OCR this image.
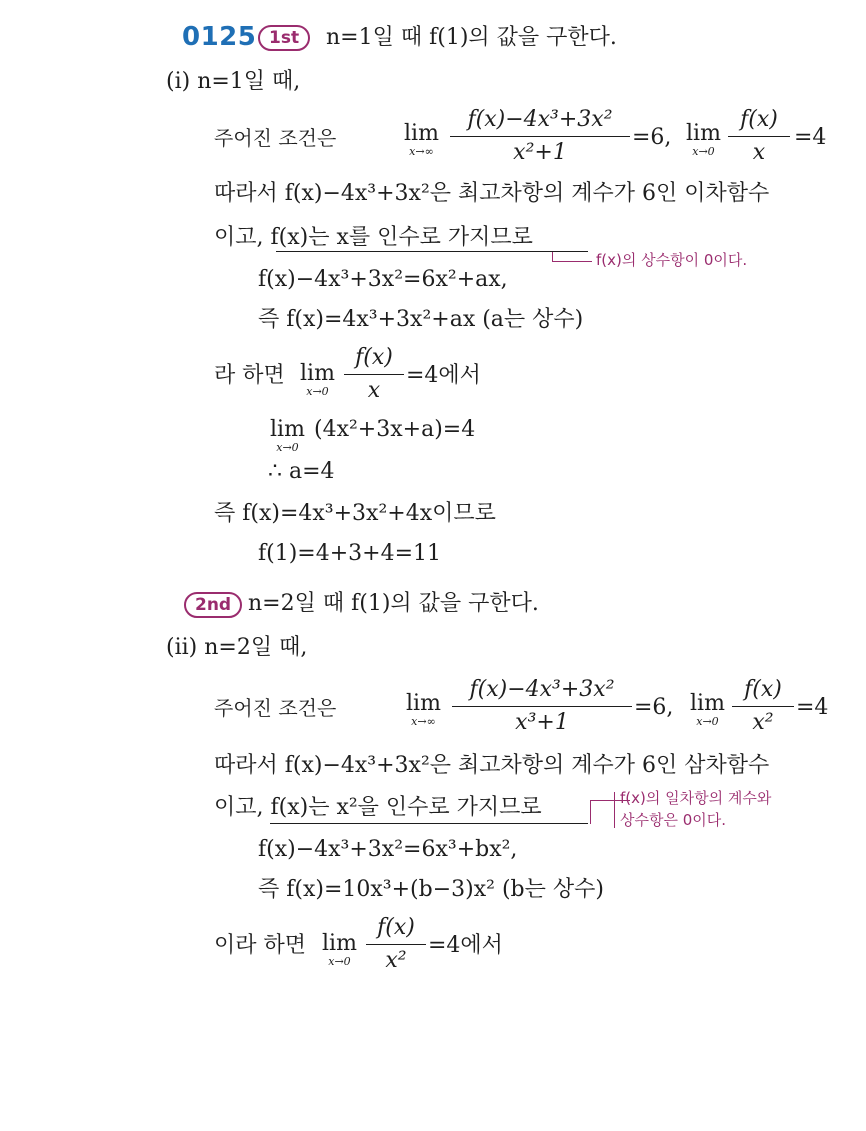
0125 1st	n=1일 때 f(1)의 값을 구한다.
(i) n=1일 때,
주어진 조건은	lim
x→∞
f(x)−4x³+3x²
x²+1
=6, lim
x→0
f(x)
x
=4
따라서 f(x)−4x³+3x²은 최고차항의 계수가 6인 이차함수
이고, f(x)는 x를 인수로 가지므로
f(x)의 상수항이 0이다.
f(x)−4x³+3x²=6x²+ax,
즉 f(x)=4x³+3x²+ax (a는 상수)
라 하면 lim
x→0
f(x)
x
=4에서
lim
x→0
(4x²+3x+a)=4
∴ a=4
즉 f(x)=4x³+3x²+4x이므로
f(1)=4+3+4=11
2nd n=2일 때 f(1)의 값을 구한다.
(ii) n=2일 때,
주어진 조건은	lim
x→∞
f(x)−4x³+3x²
x³+1
=6, lim
x→0
f(x)
x²
=4
따라서 f(x)−4x³+3x²은 최고차항의 계수가 6인 삼차함수
이고, f(x)는 x²을 인수로 가지므로	f(x)의 일차항의 계수와
상수항은 0이다.
f(x)−4x³+3x²=6x³+bx²,
즉 f(x)=10x³+(b−3)x² (b는 상수)
이라 하면 lim
x→0
f(x)
x²
=4에서
